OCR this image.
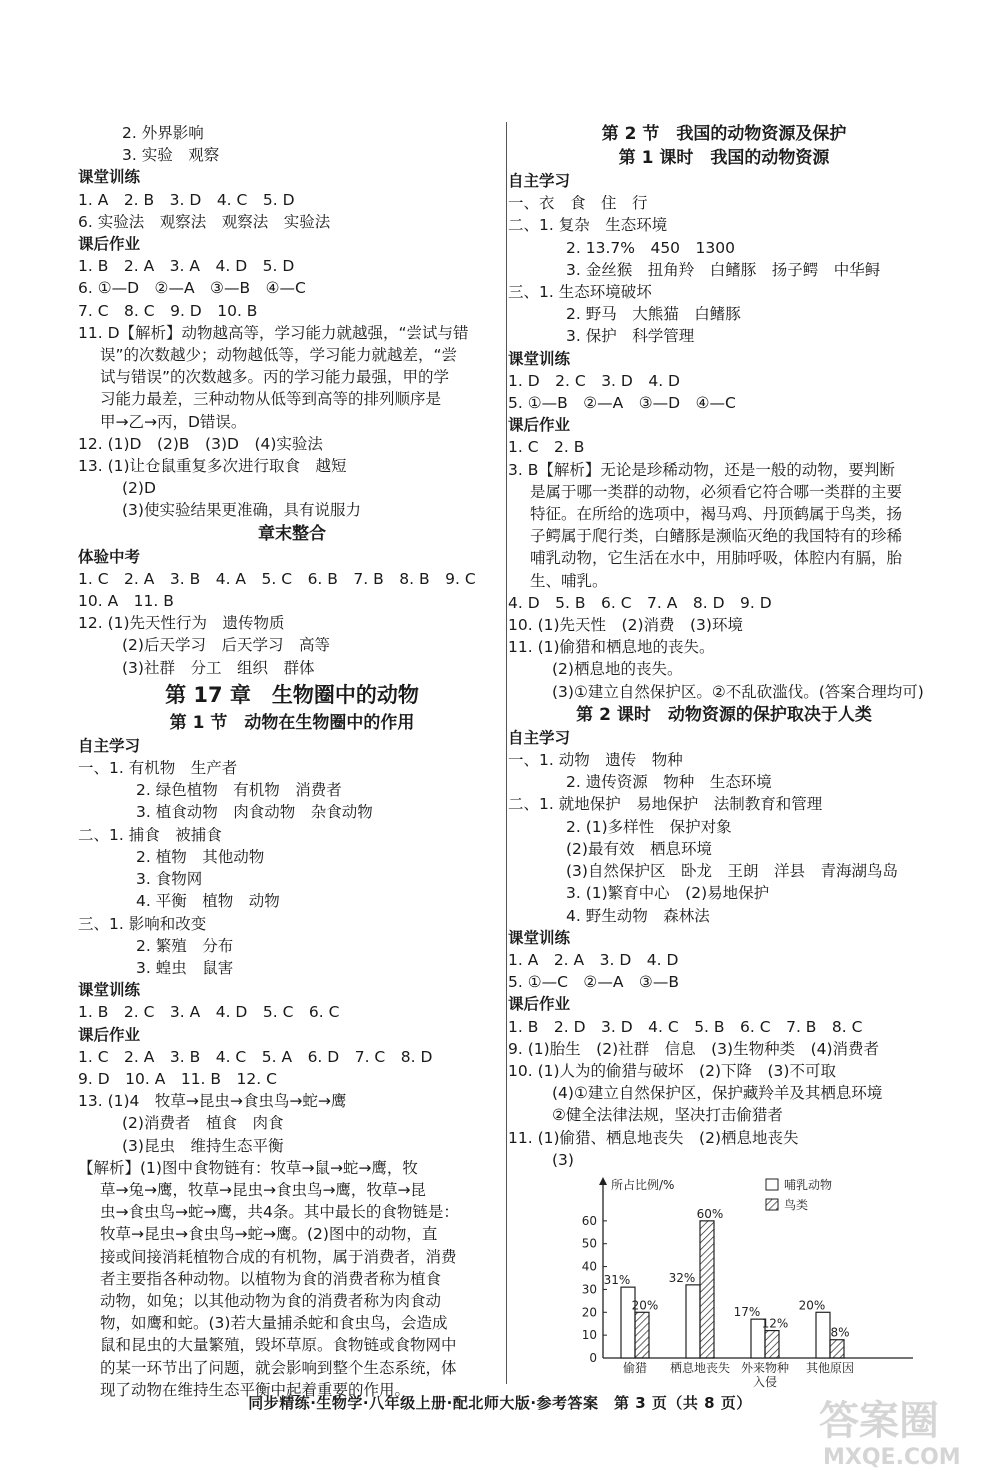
2. 外界影响
3. 实验　观察
课堂训练
1. A　2. B　3. D　4. C　5. D
6. 实验法　观察法　观察法　实验法
课后作业
1. B　2. A　3. A　4. D　5. D
6. ①—D　②—A　③—B　④—C
7. C　8. C　9. D　10. B
11. D【解析】动物越高等，学习能力就越强，“尝试与错
误”的次数越少；动物越低等，学习能力就越差，“尝
试与错误”的次数越多。丙的学习能力最强，甲的学
习能力最差，三种动物从低等到高等的排列顺序是
甲→乙→丙，D错误。
12. (1)D　(2)B　(3)D　(4)实验法
13. (1)让仓鼠重复多次进行取食　越短
(2)D
(3)使实验结果更准确，具有说服力
章末整合
体验中考
1. C　2. A　3. B　4. A　5. C　6. B　7. B　8. B　9. C
10. A　11. B
12. (1)先天性行为　遗传物质
(2)后天学习　后天学习　高等
(3)社群　分工　组织　群体
第 17 章　生物圈中的动物
第 1 节　动物在生物圈中的作用
自主学习
一、1. 有机物　生产者
2. 绿色植物　有机物　消费者
3. 植食动物　肉食动物　杂食动物
二、1. 捕食　被捕食
2. 植物　其他动物
3. 食物网
4. 平衡　植物　动物
三、1. 影响和改变
2. 繁殖　分布
3. 蝗虫　鼠害
课堂训练
1. B　2. C　3. A　4. D　5. C　6. C
课后作业
1. C　2. A　3. B　4. C　5. A　6. D　7. C　8. D
9. D　10. A　11. B　12. C
13. (1)4　牧草→昆虫→食虫鸟→蛇→鹰
(2)消费者　植食　肉食
(3)昆虫　维持生态平衡
【解析】(1)图中食物链有：牧草→鼠→蛇→鹰，牧
草→兔→鹰，牧草→昆虫→食虫鸟→鹰，牧草→昆
虫→食虫鸟→蛇→鹰，共4条。其中最长的食物链是：
牧草→昆虫→食虫鸟→蛇→鹰。(2)图中的动物，直
接或间接消耗植物合成的有机物，属于消费者，消费
者主要指各种动物。以植物为食的消费者称为植食
动物，如兔；以其他动物为食的消费者称为肉食动
物，如鹰和蛇。(3)若大量捕杀蛇和食虫鸟，会造成
鼠和昆虫的大量繁殖，毁坏草原。食物链或食物网中
的某一环节出了问题，就会影响到整个生态系统，体
现了动物在维持生态平衡中起着重要的作用。
第 2 节　我国的动物资源及保护
第 1 课时　我国的动物资源
自主学习
一、衣　食　住　行
二、1. 复杂　生态环境
2. 13.7%　450　1300
3. 金丝猴　扭角羚　白鳍豚　扬子鳄　中华鲟
三、1. 生态环境破坏
2. 野马　大熊猫　白鳍豚
3. 保护　科学管理
课堂训练
1. D　2. C　3. D　4. D
5. ①—B　②—A　③—D　④—C
课后作业
1. C　2. B
3. B【解析】无论是珍稀动物，还是一般的动物，要判断
是属于哪一类群的动物，必须看它符合哪一类群的主要
特征。在所给的选项中，褐马鸡、丹顶鹤属于鸟类，扬
子鳄属于爬行类，白鳍豚是濒临灭绝的我国特有的珍稀
哺乳动物，它生活在水中，用肺呼吸，体腔内有膈，胎
生、哺乳。
4. D　5. B　6. C　7. A　8. D　9. D
10. (1)先天性　(2)消费　(3)环境
11. (1)偷猎和栖息地的丧失。
(2)栖息地的丧失。
(3)①建立自然保护区。②不乱砍滥伐。(答案合理均可)
第 2 课时　动物资源的保护取决于人类
自主学习
一、1. 动物　遗传　物种
2. 遗传资源　物种　生态环境
二、1. 就地保护　易地保护　法制教育和管理
2. (1)多样性　保护对象
(2)最有效　栖息环境
(3)自然保护区　卧龙　王朗　洋县　青海湖鸟岛
3. (1)繁育中心　(2)易地保护
4. 野生动物　森林法
课堂训练
1. A　2. A　3. D　4. D
5. ①—C　②—A　③—B
课后作业
1. B　2. D　3. D　4. C　5. B　6. C　7. B　8. C
9. (1)胎生　(2)社群　信息　(3)生物种类　(4)消费者
10. (1)人为的偷猎与破坏　(2)下降　(3)不可取
(4)①建立自然保护区，保护藏羚羊及其栖息环境
②健全法律法规，坚决打击偷猎者
11. (1)偷猎、栖息地丧失　(2)栖息地丧失
(3)
所占比例/%
0
10
20
30
40
50
60
31%
20%
偷猎
32%
60%
栖息地丧失
17%
12%
外来物种
入侵
20%
8%
其他原因
哺乳动物
鸟类
同步精练·生物学·八年级上册·配北师大版·参考答案　第 3 页（共 8 页）	答案圈
MXQE.COM
